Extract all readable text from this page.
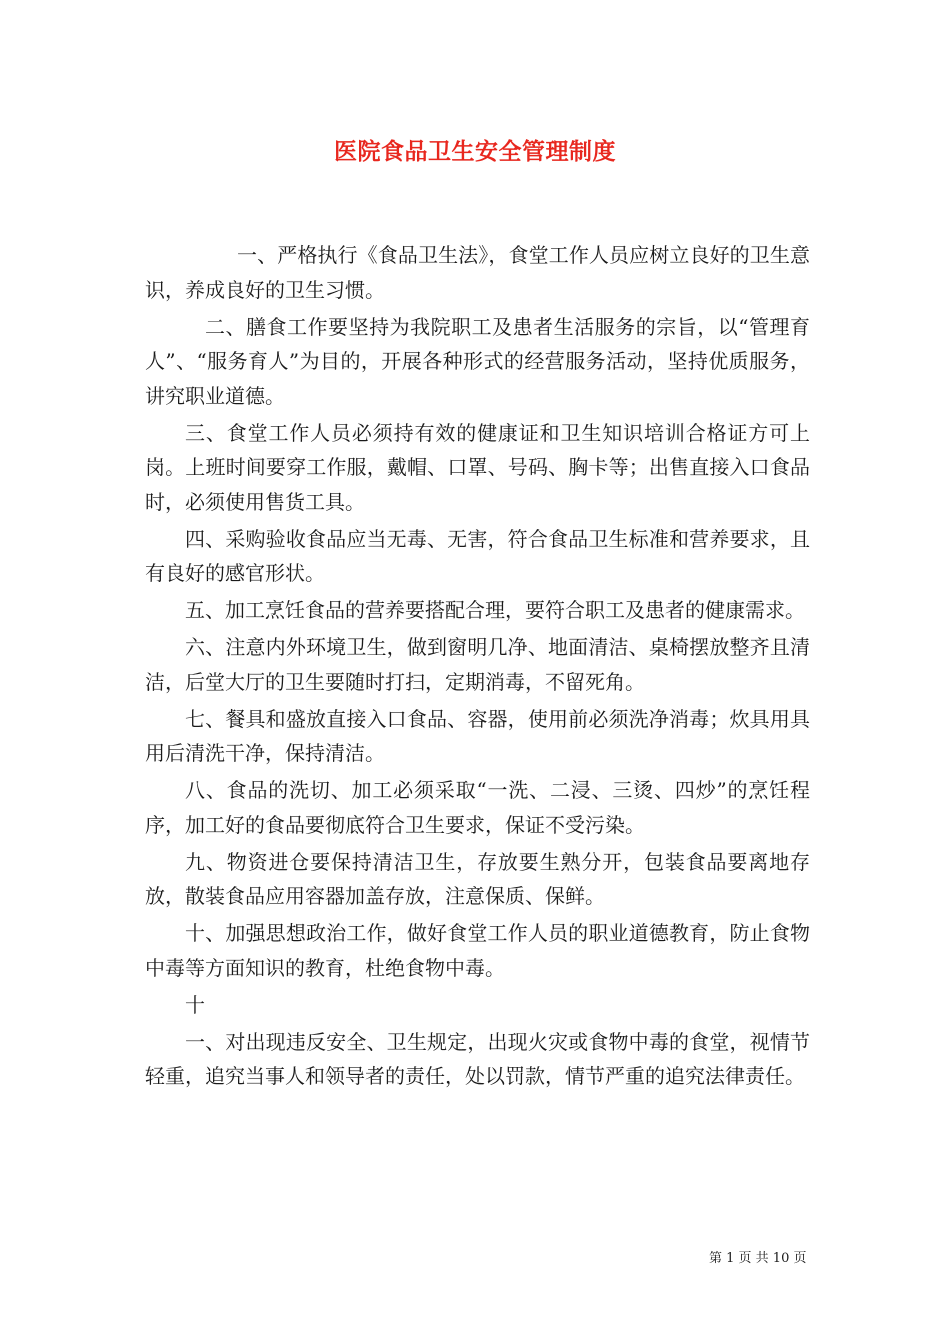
医院食品卫生安全管理制度

一、严格执行《食品卫生法》，食堂工作人员应树立良好的卫生意识，养成良好的卫生习惯。

二、膳食工作要坚持为我院职工及患者生活服务的宗旨，以“管理育人”、“服务育人”为目的，开展各种形式的经营服务活动，坚持优质服务，讲究职业道德。

三、食堂工作人员必须持有效的健康证和卫生知识培训合格证方可上岗。上班时间要穿工作服，戴帽、口罩、号码、胸卡等；出售直接入口食品时，必须使用售货工具。

四、采购验收食品应当无毒、无害，符合食品卫生标准和营养要求，且有良好的感官形状。

五、加工烹饪食品的营养要搭配合理，要符合职工及患者的健康需求。

六、注意内外环境卫生，做到窗明几净、地面清洁、桌椅摆放整齐且清洁，后堂大厅的卫生要随时打扫，定期消毒，不留死角。

七、餐具和盛放直接入口食品、容器，使用前必须洗净消毒；炊具用具用后清洗干净，保持清洁。

八、食品的洗切、加工必须采取“一洗、二浸、三烫、四炒”的烹饪程序，加工好的食品要彻底符合卫生要求，保证不受污染。

九、物资进仓要保持清洁卫生，存放要生熟分开，包装食品要离地存放，散装食品应用容器加盖存放，注意保质、保鲜。

十、加强思想政治工作，做好食堂工作人员的职业道德教育，防止食物中毒等方面知识的教育，杜绝食物中毒。

十

一、对出现违反安全、卫生规定，出现火灾或食物中毒的食堂，视情节轻重，追究当事人和领导者的责任，处以罚款，情节严重的追究法律责任。

第 1 页 共 10 页
